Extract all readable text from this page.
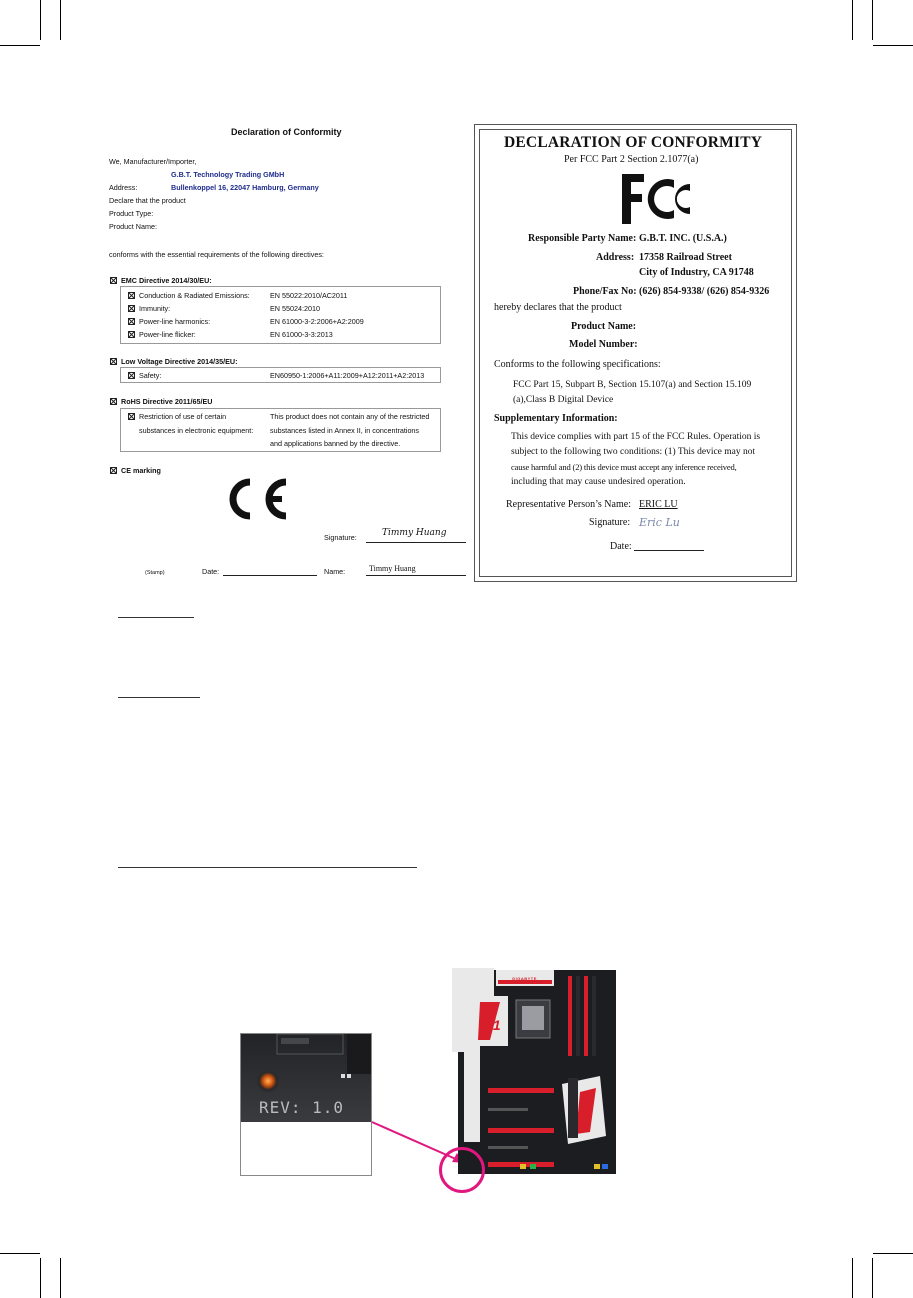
Declaration of Conformity
We, Manufacturer/Importer,
G.B.T. Technology Trading GMbH
Address:	Bullenkoppel 16, 22047 Hamburg, Germany
Declare that the product
Product Type:
Product Name:
conforms with the essential requirements of the following directives:
EMC Directive 2014/30/EU:
Conduction & Radiated Emissions:	EN 55022:2010/AC2011
Immunity:	EN 55024:2010
Power-line harmonics:	EN 61000-3-2:2006+A2:2009
Power-line flicker:	EN 61000-3-3:2013
Low Voltage Directive 2014/35/EU:
Safety:	EN60950-1:2006+A11:2009+A12:2011+A2:2013
RoHS Directive 2011/65/EU
Restriction of use of certain
substances in electronic equipment:
This product does not contain any of the restricted
substances listed in Annex II, in concentrations
and applications banned by the directive.
CE marking
Signature:	Timmy Huang
(Stamp)	Date:	Name:	Timmy Huang
DECLARATION OF CONFORMITY
Per FCC Part 2 Section 2.1077(a)
Responsible Party Name: G.B.T. INC. (U.S.A.)
Address: 17358 Railroad Street
City of Industry, CA 91748
Phone/Fax No: (626) 854-9338/ (626) 854-9326
hereby declares that the product
Product Name:
Model Number:
Conforms to the following specifications:
FCC Part 15, Subpart B, Section 15.107(a) and Section 15.109
(a),Class B Digital Device
Supplementary Information:
This device complies with part 15 of the FCC Rules. Operation is
subject to the following two conditions: (1) This device may not
cause harmful and (2) this device must accept any inference received,
including that may cause undesired operation.
Representative Person’s Name: ERIC LU
Signature: Eric Lu
Date:
REV: 1.0
G1
GIGABYTE
